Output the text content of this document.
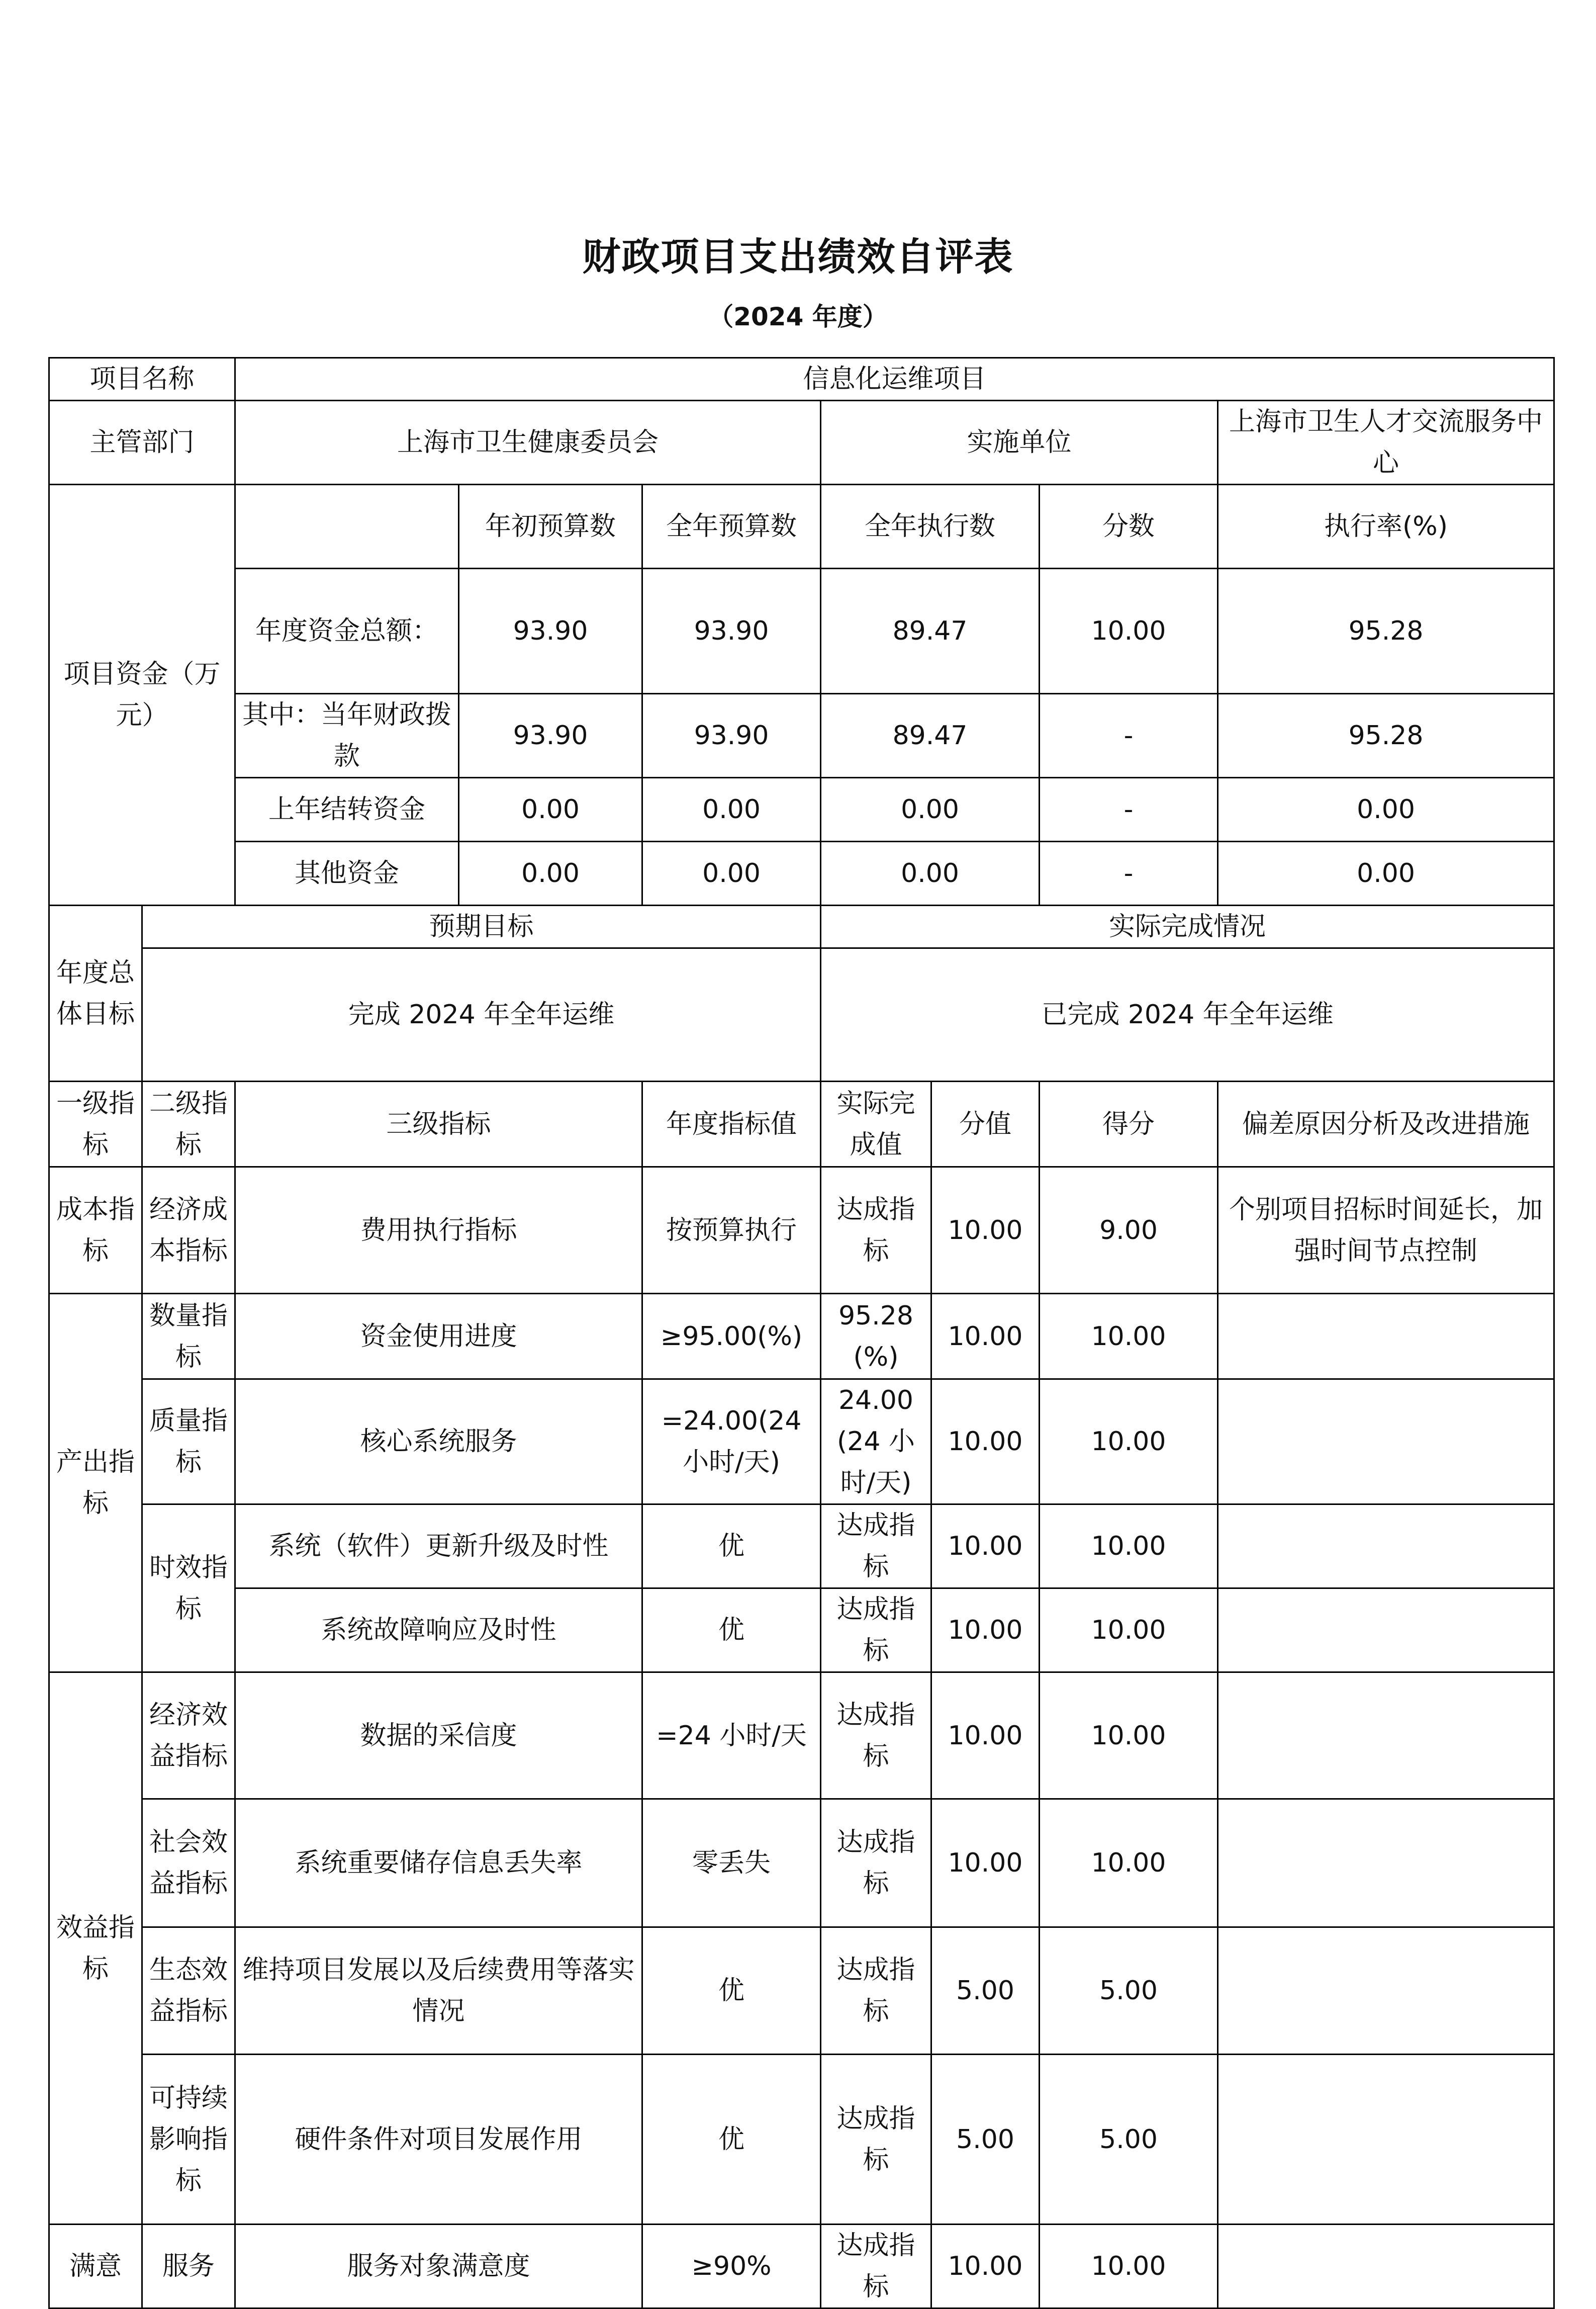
财政项目支出绩效自评表
（2024 年度）
项目名称		信息化运维项目							
主管部门		上海市卫生健康委员会			实施单位			上海市卫生人才交流服务中心	
项目资金（万元）			年初预算数	全年预算数	全年执行数		分数	执行率(%)	
		年度资金总额：	93.90	93.90	89.47		10.00	95.28	
		其中：当年财政拨款	93.90	93.90	89.47		-	95.28	
		上年结转资金	0.00	0.00	0.00		-	0.00	
		其他资金	0.00	0.00	0.00		-	0.00	
年度总体目标	预期目标				实际完成情况				
	完成 2024 年全年运维				已完成 2024 年全年运维				
一级指标	二级指标	三级指标		年度指标值	实际完成值	分值	得分	偏差原因分析及改进措施	
成本指标	经济成本指标	费用执行指标		按预算执行	达成指标	10.00	9.00	个别项目招标时间延长，加强时间节点控制	
产出指标	数量指标	资金使用进度		≥95.00(%)	95.28(%)	10.00	10.00		
	质量指标	核心系统服务		=24.00(24 小时/天)	24.00(24 小时/天)	10.00	10.00		
	时效指标	系统（软件）更新升级及时性		优	达成指标	10.00	10.00		
		系统故障响应及时性		优	达成指标	10.00	10.00		
效益指标	经济效益指标	数据的采信度		=24 小时/天	达成指标	10.00	10.00		
	社会效益指标	系统重要储存信息丢失率		零丢失	达成指标	10.00	10.00		
	生态效益指标	维持项目发展以及后续费用等落实情况		优	达成指标	5.00	5.00		
	可持续影响指标	硬件条件对项目发展作用		优	达成指标	5.00	5.00		
满意	服务	服务对象满意度		≥90%	达成指标	10.00	10.00		
